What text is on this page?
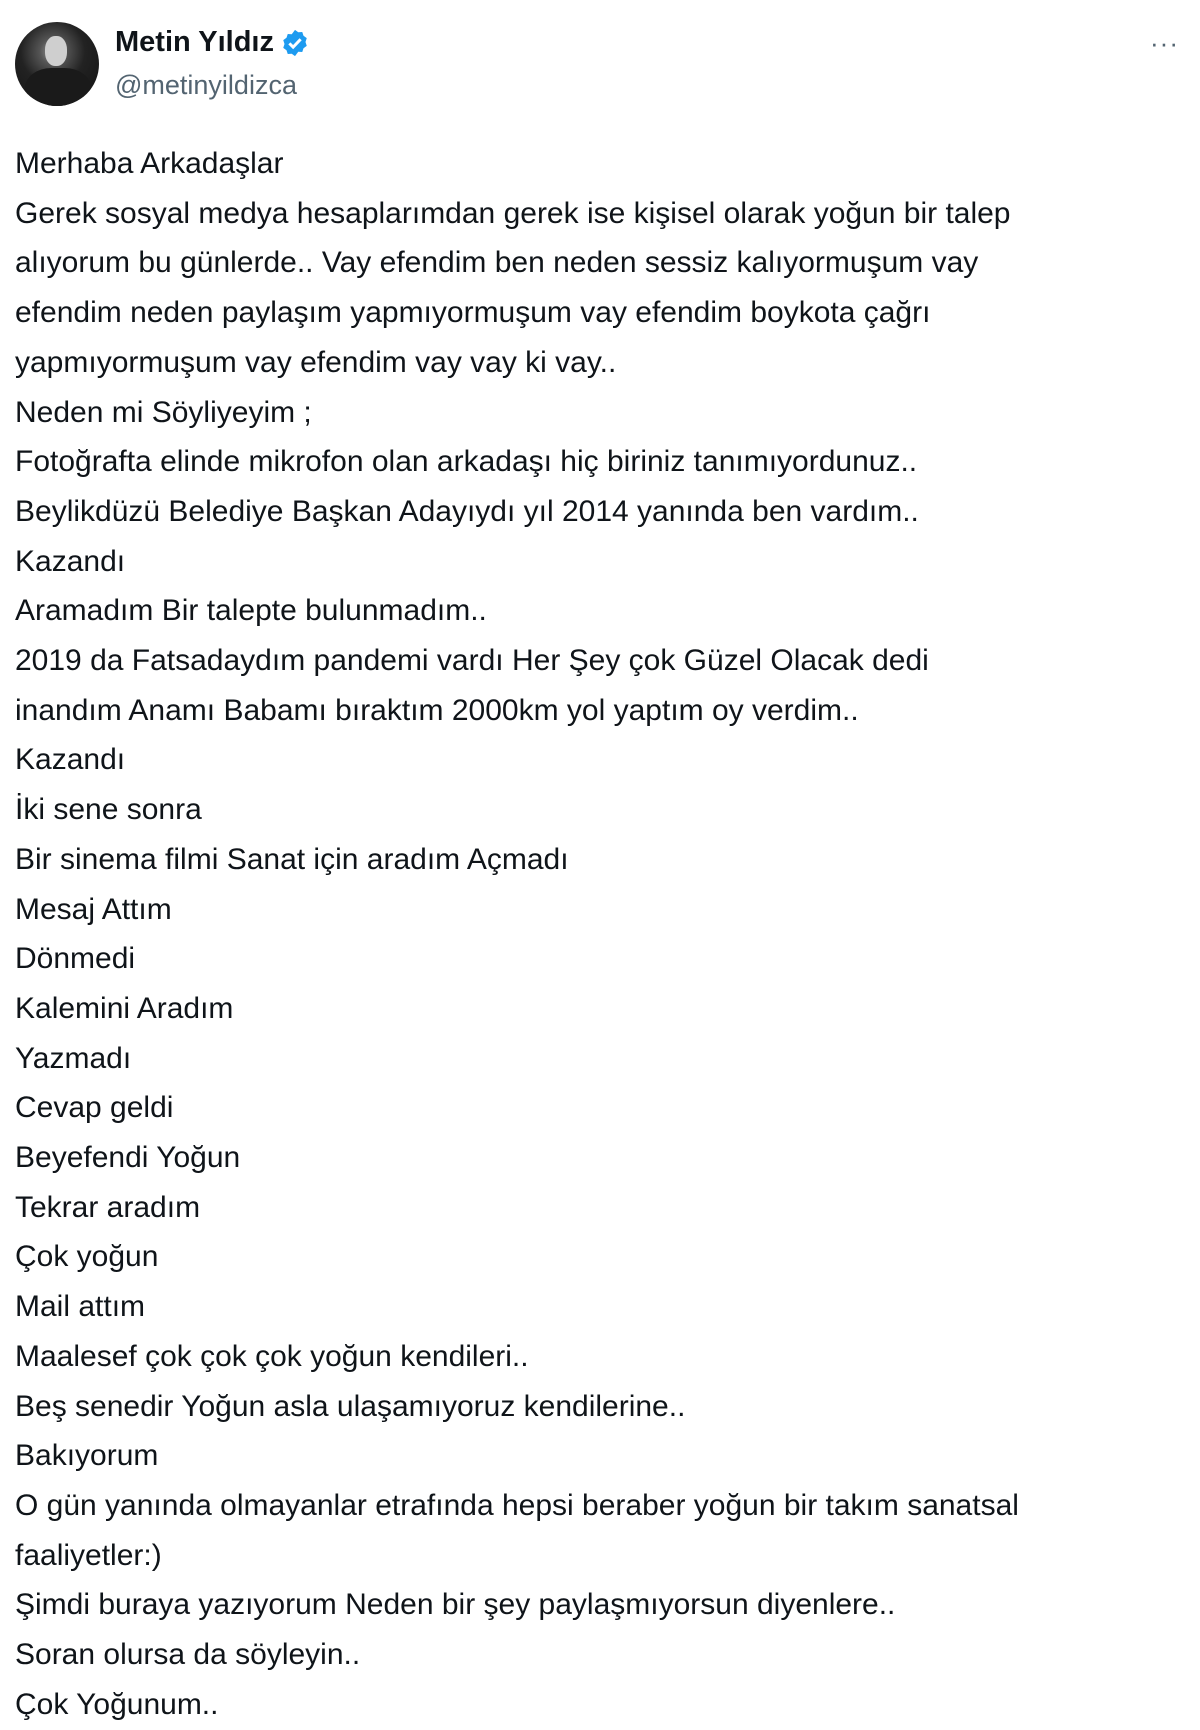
Metin Yıldız
@metinyildizca
···
Merhaba Arkadaşlar
Gerek sosyal medya hesaplarımdan gerek ise kişisel olarak yoğun bir talep
alıyorum bu günlerde.. Vay efendim ben neden sessiz kalıyormuşum vay
efendim neden paylaşım yapmıyormuşum vay efendim boykota çağrı
yapmıyormuşum vay efendim vay vay ki vay..
Neden mi Söyliyeyim ;
Fotoğrafta elinde mikrofon olan arkadaşı hiç biriniz tanımıyordunuz..
Beylikdüzü Belediye Başkan Adayıydı yıl 2014 yanında ben vardım..
Kazandı
Aramadım Bir talepte bulunmadım..
2019 da Fatsadaydım pandemi vardı Her Şey çok Güzel Olacak dedi
inandım Anamı Babamı bıraktım 2000km yol yaptım oy verdim..
Kazandı
İki sene sonra
Bir sinema filmi Sanat için aradım Açmadı
Mesaj Attım
Dönmedi
Kalemini Aradım
Yazmadı
Cevap geldi
Beyefendi Yoğun
Tekrar aradım
Çok yoğun
Mail attım
Maalesef çok çok çok yoğun kendileri..
Beş senedir Yoğun asla ulaşamıyoruz kendilerine..
Bakıyorum
O gün yanında olmayanlar etrafında hepsi beraber yoğun bir takım sanatsal
faaliyetler:)
Şimdi buraya yazıyorum Neden bir şey paylaşmıyorsun diyenlere..
Soran olursa da söyleyin..
Çok Yoğunum..
